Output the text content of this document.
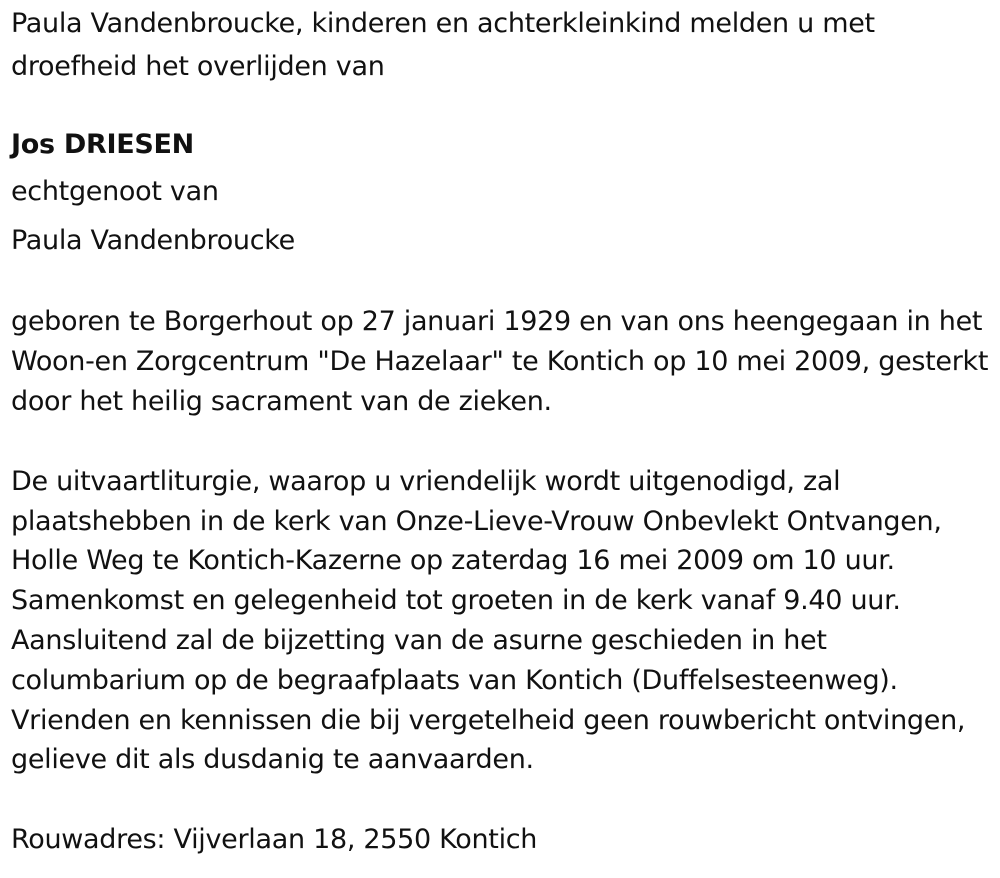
Paula Vandenbroucke, kinderen en achterkleinkind melden u met
droefheid het overlijden van
Jos DRIESEN
echtgenoot van
Paula Vandenbroucke
geboren te Borgerhout op 27 januari 1929 en van ons heengegaan in het
Woon-en Zorgcentrum "De Hazelaar" te Kontich op 10 mei 2009, gesterkt
door het heilig sacrament van de zieken.
De uitvaartliturgie, waarop u vriendelijk wordt uitgenodigd, zal
plaatshebben in de kerk van Onze-Lieve-Vrouw Onbevlekt Ontvangen,
Holle Weg te Kontich-Kazerne op zaterdag 16 mei 2009 om 10 uur.
Samenkomst en gelegenheid tot groeten in de kerk vanaf 9.40 uur.
Aansluitend zal de bijzetting van de asurne geschieden in het
columbarium op de begraafplaats van Kontich (Duffelsesteenweg).
Vrienden en kennissen die bij vergetelheid geen rouwbericht ontvingen,
gelieve dit als dusdanig te aanvaarden.
Rouwadres: Vijverlaan 18, 2550 Kontich
